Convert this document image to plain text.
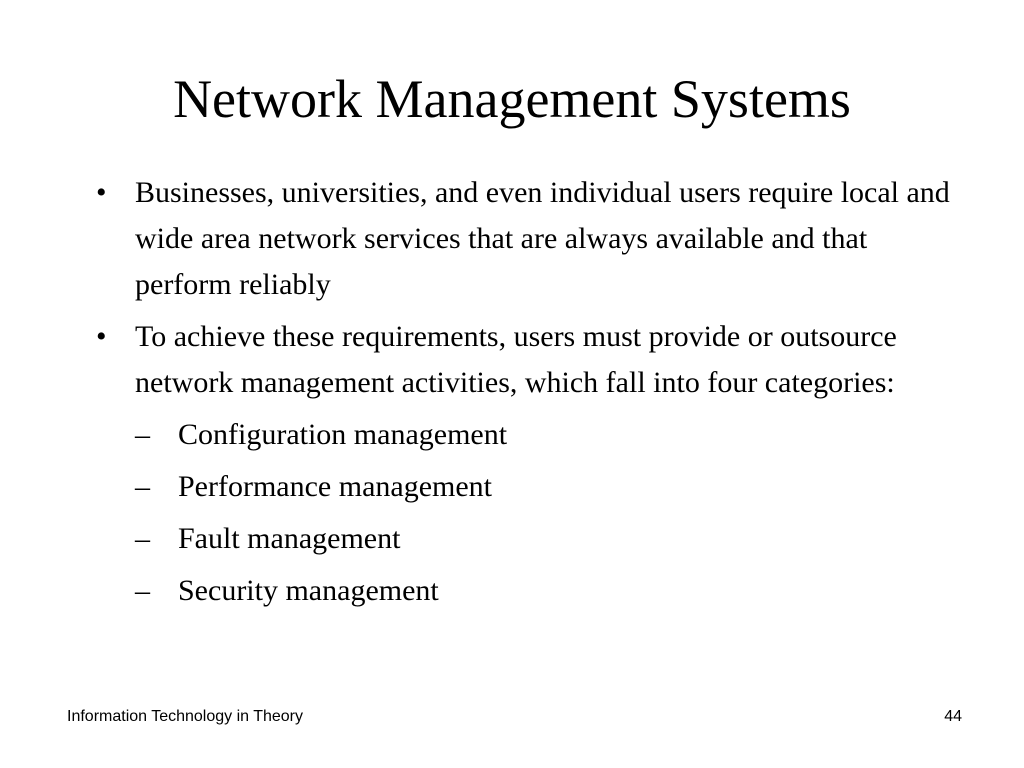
Network Management Systems
• Businesses, universities, and even individual users require local and wide area network services that are always available and that perform reliably
• To achieve these requirements, users must provide or outsource network management activities, which fall into four categories:
– Configuration management
– Performance management
– Fault management
– Security management
Information Technology in Theory	44
